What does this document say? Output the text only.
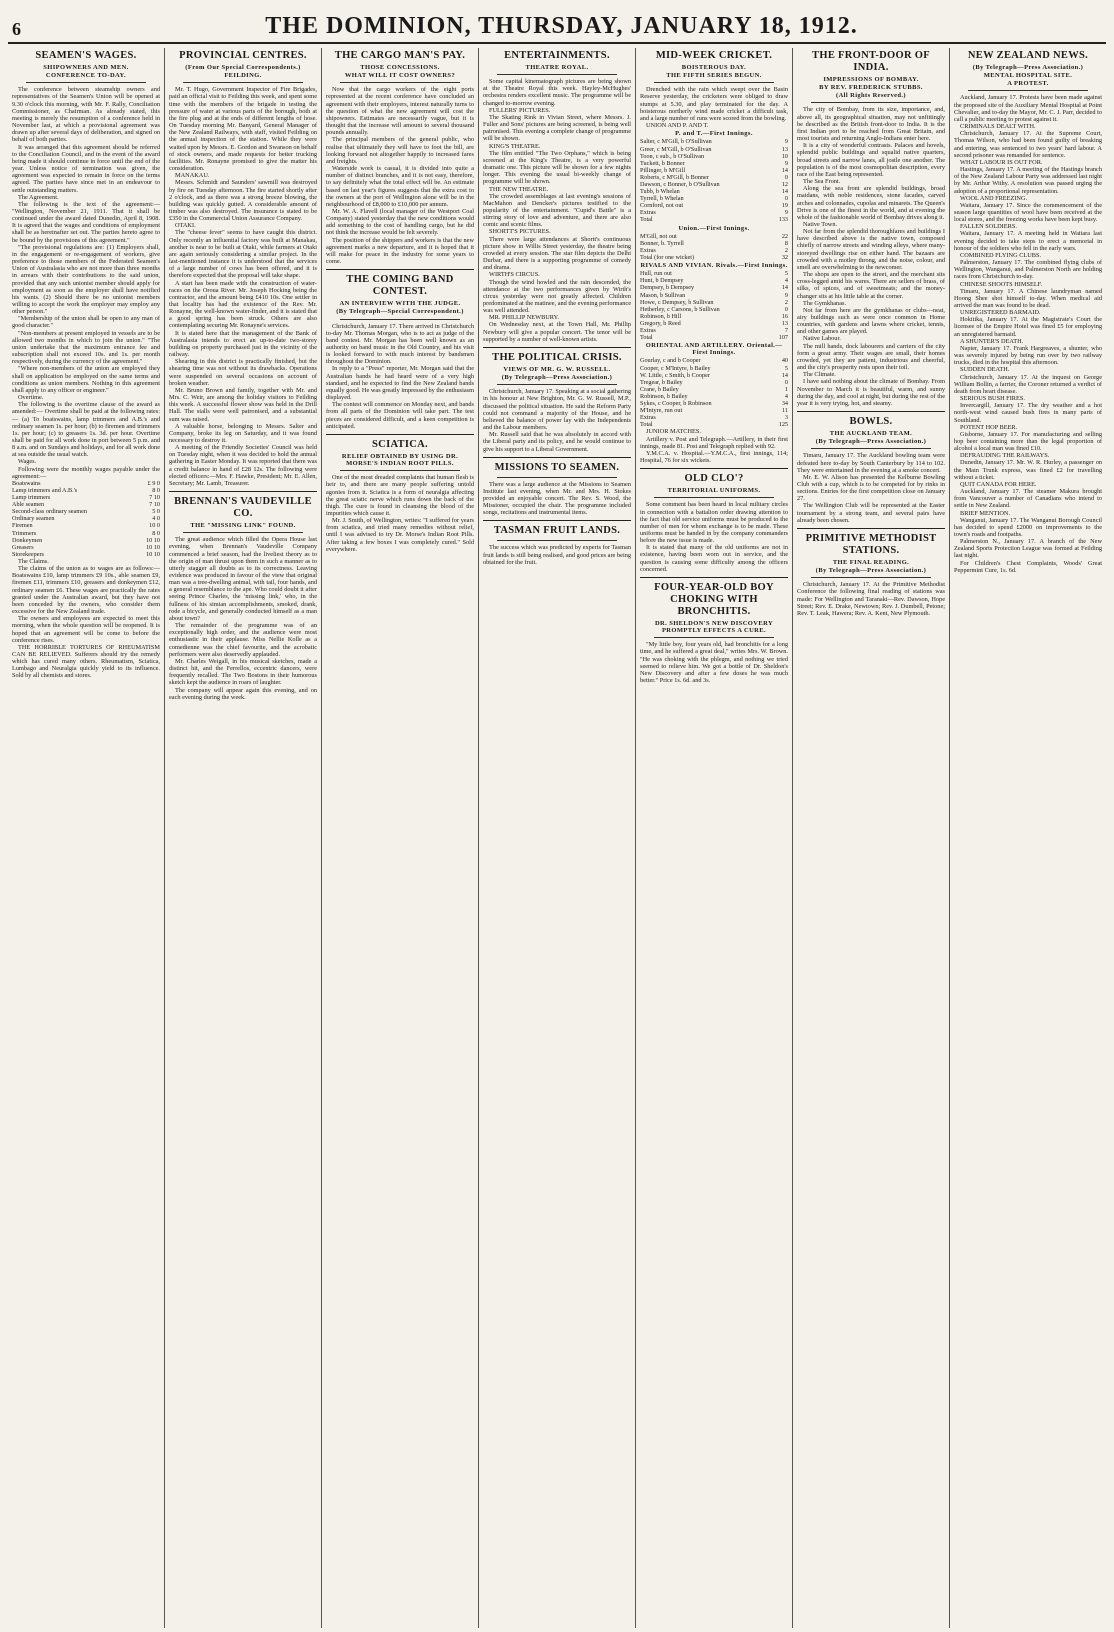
6	THE DOMINION, THURSDAY, JANUARY 18, 1912.
SEAMEN'S WAGES.
SHIPOWNERS AND MEN.
CONFERENCE TO-DAY.

The conference between steamship owners and representatives of the Seamen's Union will be opened at 9.30 o'clock this morning, with Mr. F. Rally, Conciliation Commissioner, as Chairman. As already stated, this meeting is merely the resumption of a conference held in November last, at which a provisional agreement was drawn up after several days of deliberation, and signed on behalf of both parties.

It was arranged that this agreement should be referred to the Conciliation Council, and in the event of the award being made it should continue in force until the end of the year. Unless notice of termination was given, the agreement was expected to remain in force on the terms agreed. The parties have since met in an endeavour to settle outstanding matters.

The Agreement.

The following is the text of the agreement:— "Wellington, November 21, 1911. That it shall be continued under the award dated Dunedin, April 8, 1908. It is agreed that the wages and conditions of employment shall be as hereinafter set out. The parties hereto agree to be bound by the provisions of this agreement."

"The provisional regulations are: (1) Employers shall, in the engagement or re-engagement of workers, give preference to those members of the Federated Seamen's Union of Australasia who are not more than three months in arrears with their contributions to the said union, provided that any such unionist member should apply for employment as soon as the employer shall have notified his wants. (2) Should there be no unionist members willing to accept the work the employer may employ any other person."

"Membership of the union shall be open to any man of good character."

"Non-members at present employed in vessels are to be allowed two months in which to join the union." "The union undertake that the maximum entrance fee and subscription shall not exceed 10s. and 1s. per month respectively, during the currency of the agreement."

"Where non-members of the union are employed they shall on application be employed on the same terms and conditions as union members. Nothing in this agreement shall apply to any officer or engineer."

Overtime.

The following is the overtime clause of the award as amended:— Overtime shall be paid at the following rates:— (a) To boatswains, lamp trimmers and A.B.'s and ordinary seamen 1s. per hour; (b) to firemen and trimmers 1s. per hour; (c) to greasers 1s. 3d. per hour. Overtime shall be paid for all work done in port between 5 p.m. and 8 a.m. and on Sundays and holidays, and for all work done at sea outside the usual watch.

Wages.

Following were the monthly wages payable under the agreement:—

Boatswains	£ 9 0
Lamp trimmers and A.B.'s	8 0
Lamp trimmers	7 10
Able seamen	7 10
Second-class ordinary seamen	5 0
Ordinary seamen	4 0
Firemen	10 0
Trimmers	8 0
Donkeymen	10 10
Greasers	10 10
Storekeepers	10 10

The Claims.

The claims of the union as to wages are as follows:— Boatswains £10, lamp trimmers £9 10s., able seamen £9, firemen £11, trimmers £10, greasers and donkeymen £12, ordinary seamen £6. These wages are practically the rates granted under the Australian award, but they have not been conceded by the owners, who consider them excessive for the New Zealand trade.

The owners and employees are expected to meet this morning, when the whole question will be reopened. It is hoped that an agreement will be come to before the conference rises.

THE HORRIBLE TORTURES OF RHEUMATISM CAN BE RELIEVED. Sufferers should try the remedy which has cured many others. Rheumatism, Sciatica, Lumbago and Neuralgia quickly yield to its influence. Sold by all chemists and stores.

PROVINCIAL CENTRES.
(From Our Special Correspondents.)
FEILDING.

Mr. T. Hugo, Government Inspector of Fire Brigades, paid an official visit to Feilding this week, and spent some time with the members of the brigade in testing the pressure of water at various parts of the borough, both at the fire plug and at the ends of different lengths of hose. On Tuesday morning Mr. Banyard, General Manager of the New Zealand Railways, with staff, visited Feilding on the annual inspection of the station. While they were waited upon by Messrs. E. Gordon and Swanson on behalf of stock owners, and made requests for better trucking facilities. Mr. Ronayne promised to give the matter his consideration.

MANAKAU.

Messrs. Schmidt and Saunders' sawmill was destroyed by fire on Tuesday afternoon. The fire started shortly after 2 o'clock, and as there was a strong breeze blowing, the building was quickly gutted. A considerable amount of timber was also destroyed. The insurance is stated to be £350 in the Commercial Union Assurance Company.

OTAKI.

The "cheese fever" seems to have caught this district. Only recently an influential factory was built at Manakau, another is near to be built at Otaki, while farmers at Otaki are again seriously considering a similar project. In the last-mentioned instance it is understood that the services of a large number of cows has been offered, and it is therefore expected that the proposal will take shape.

A start has been made with the construction of water-races on the Oroua River. Mr. Joseph Hocking being the contractor, and the amount being £410 10s. One settler in that locality has had the existence of the Rev. Mr. Ronayne, the well-known water-finder, and it is stated that a good spring has been struck. Others are also contemplating securing Mr. Ronayne's services.

It is stated here that the management of the Bank of Australasia intends to erect an up-to-date two-storey building on property purchased just in the vicinity of the railway.

Shearing in this district is practically finished, but the shearing time was not without its drawbacks. Operations were suspended on several occasions on account of broken weather.

Mr. Bruno Brown and family, together with Mr. and Mrs. C. Weir, are among the holiday visitors to Feilding this week. A successful flower show was held in the Drill Hall. The stalls were well patronised, and a substantial sum was raised.

A valuable horse, belonging to Messrs. Salter and Company, broke its leg on Saturday, and it was found necessary to destroy it.

A meeting of the Friendly Societies' Council was held on Tuesday night, when it was decided to hold the annual gathering in Easter Monday. It was reported that there was a credit balance in hand of £28 12s. The following were elected officers:—Mrs. F. Hawke, President; Mr. E. Allen, Secretary; Mr. Lamb, Treasurer.

BRENNAN'S VAUDEVILLE CO.
THE "MISSING LINK" FOUND.

The great audience which filled the Opera House last evening, when Brennan's Vaudeville Company commenced a brief season, had the liveliest theory as to the origin of man thrust upon them in such a manner as to utterly stagger all doubts as to its correctness. Leaving evidence was produced in favour of the view that original man was a tree-dwelling animal, with tail, four hands, and a general resemblance to the ape. Who could doubt it after seeing Prince Charles, the 'missing link,' who, in the fullness of his simian accomplishments, smoked, drank, rode a bicycle, and generally conducted himself as a man about town?

The remainder of the programme was of an exceptionally high order, and the audience were most enthusiastic in their applause. Miss Nellie Kolle as a comedienne was the chief favourite, and the acrobatic performers were also deservedly applauded.

Mr. Charles Weigall, in his musical sketches, made a distinct hit, and the Ferrellos, eccentric dancers, were frequently recalled. The Two Bostons in their humorous sketch kept the audience in roars of laughter.

The company will appear again this evening, and on each evening during the week.

THE CARGO MAN'S PAY.
THOSE CONCESSIONS.
WHAT WILL IT COST OWNERS?

Now that the cargo workers of the eight ports represented at the recent conference have concluded an agreement with their employers, interest naturally turns to the question of what the new agreement will cost the shipowners. Estimates are necessarily vague, but it is thought that the increase will amount to several thousand pounds annually.

The principal members of the general public, who realise that ultimately they will have to foot the bill, are looking forward not altogether happily to increased fares and freights.

Waterside work is casual, it is divided into quite a number of distinct branches, and it is not easy, therefore, to say definitely what the total effect will be. An estimate based on last year's figures suggests that the extra cost to the owners at the port of Wellington alone will be in the neighbourhood of £8,000 to £10,000 per annum.

Mr. W. A. Flavell (local manager of the Westport Coal Company) stated yesterday that the new conditions would add something to the cost of handling cargo, but he did not think the increase would be felt severely.

The position of the shippers and workers is that the new agreement marks a new departure, and it is hoped that it will make for peace in the industry for some years to come.

THE COMING BAND CONTEST.
AN INTERVIEW WITH THE JUDGE.
(By Telegraph—Special Correspondent.)

Christchurch, January 17. There arrived in Christchurch to-day Mr. Thomas Morgan, who is to act as judge of the band contest. Mr. Morgan has been well known as an authority on band music in the Old Country, and his visit is looked forward to with much interest by bandsmen throughout the Dominion.

In reply to a "Press" reporter, Mr. Morgan said that the Australian bands he had heard were of a very high standard, and he expected to find the New Zealand bands equally good. He was greatly impressed by the enthusiasm displayed.

The contest will commence on Monday next, and bands from all parts of the Dominion will take part. The test pieces are considered difficult, and a keen competition is anticipated.

SCIATICA.
RELIEF OBTAINED BY USING DR. MORSE'S INDIAN ROOT PILLS.

One of the most dreaded complaints that human flesh is heir to, and there are many people suffering untold agonies from it. Sciatica is a form of neuralgia affecting the great sciatic nerve which runs down the back of the thigh. The cure is found in cleansing the blood of the impurities which cause it.

Mr. J. Smith, of Wellington, writes: "I suffered for years from sciatica, and tried many remedies without relief, until I was advised to try Dr. Morse's Indian Root Pills. After taking a few boxes I was completely cured." Sold everywhere.

ENTERTAINMENTS.
THEATRE ROYAL.

Some capital kinematograph pictures are being shown at the Theatre Royal this week. Hayley-McHughes' orchestra renders excellent music. The programme will be changed to-morrow evening.

FULLERS' PICTURES.

The Skating Rink in Vivian Street, where Messrs. J. Fuller and Sons' pictures are being screened, is being well patronised. This evening a complete change of programme will be shown.

KING'S THEATRE.

The film entitled "The Two Orphans," which is being screened at the King's Theatre, is a very powerful dramatic one. This picture will be shown for a few nights longer. This evening the usual bi-weekly change of programme will be shown.

THE NEW THEATRE.

The crowded assemblages at last evening's sessions of MacMahon and Dencker's pictures testified to the popularity of the entertainment. "Cupid's Battle" is a stirring story of love and adventure, and there are also comic and scenic films.

SHORTT'S PICTURES.

There were large attendances at Shortt's continuous picture show in Willis Street yesterday, the theatre being crowded at every session. The star film depicts the Delhi Durbar, and there is a supporting programme of comedy and drama.

WIRTH'S CIRCUS.

Though the wind howled and the rain descended, the attendance at the two performances given by Wirth's circus yesterday were not greatly affected. Children predominated at the matinee, and the evening performance was well attended.

MR. PHILLIP NEWBURY.

On Wednesday next, at the Town Hall, Mr. Phillip Newbury will give a popular concert. The tenor will be supported by a number of well-known artists.

THE POLITICAL CRISIS.
VIEWS OF MR. G. W. RUSSELL.
(By Telegraph—Press Association.)

Christchurch, January 17. Speaking at a social gathering in his honour at New Brighton, Mr. G. W. Russell, M.P., discussed the political situation. He said the Reform Party could not command a majority of the House, and he believed the balance of power lay with the Independents and the Labour members.

Mr. Russell said that he was absolutely in accord with the Liberal party and its policy, and he would continue to give his support to a Liberal Government.

MISSIONS TO SEAMEN.

There was a large audience at the Missions to Seamen Institute last evening, when Mr. and Mrs. H. Stokes provided an enjoyable concert. The Rev. S. Wood, the Missioner, occupied the chair. The programme included songs, recitations and instrumental items.

TASMAN FRUIT LANDS.

The success which was predicted by experts for Tasman fruit lands is still being realised, and good prices are being obtained for the fruit.

MID-WEEK CRICKET.
BOISTEROUS DAY.
THE FIFTH SERIES BEGUN.

Drenched with the rain which swept over the Basin Reserve yesterday, the cricketers were obliged to draw stumps at 5.30, and play terminated for the day. A boisterous northerly wind made cricket a difficult task, and a large number of runs were scored from the bowling.

UNION AND P. AND T.

P. and T.—First Innings.
Salter, c M'Gill, b O'Sullivan	9
Greer, c M'Gill, b O'Sullivan	13
Toon, c sub., b O'Sullivan	10
Tuckett, b Bonner	9
Pillinger, b M'Gill	14
Roberts, c M'Gill, b Bonner	0
Dawson, c Bonner, b O'Sullivan	12
Tubb, b Whelan	14
Tyrrell, b Whelan	0
Cornford, not out	19
Extras	9
Total	133
Union.—First Innings.
M'Gill, not out	22
Bonner, b. Tyrrell	8
Extras	2
Total (for one wicket)	32
RIVALS AND VIVIAN. Rivals.—First Innings.
Hull, run out	5
Hunt, b Dempsey	4
Dempsey, b Dempsey	14
Mason, b Sullivan	9
Howe, c Dempsey, b Sullivan	2
Hetherley, c Carsons, b Sullivan	0
Robinson, b Hill	16
Gregory, b Reed	13
Extras	7
Total	107
ORIENTAL AND ARTILLERY. Oriental.—First Innings.
Gourlay, c and b Cooper	40
Cooper, c M'Intyre, b Bailey	5
W. Little, c Smith, b Cooper	14
Tregear, b Bailey	0
Crane, b Bailey	1
Robinson, b Bailey	4
Sykes, c Cooper, b Robinson	34
M'Intyre, run out	11
Extras	3
Total	125

JUNIOR MATCHES.

Artillery v. Post and Telegraph.—Artillery, in their first innings, made 81. Post and Telegraph replied with 92.

Y.M.C.A. v. Hospital.—Y.M.C.A., first innings, 114; Hospital, 76 for six wickets.

OLD CLO'?
TERRITORIAL UNIFORMS.

Some comment has been heard in local military circles in connection with a battalion order drawing attention to the fact that old service uniforms must be produced to the number of men for whom exchange is to be made. These uniforms must be handed in by the company commanders before the new issue is made.

It is stated that many of the old uniforms are not in existence, having been worn out in service, and the question is causing some difficulty among the officers concerned.

FOUR-YEAR-OLD BOY CHOKING WITH BRONCHITIS.
DR. SHELDON'S NEW DISCOVERY PROMPTLY EFFECTS A CURE.

"My little boy, four years old, had bronchitis for a long time, and he suffered a great deal," writes Mrs. W. Brown. "He was choking with the phlegm, and nothing we tried seemed to relieve him. We got a bottle of Dr. Sheldon's New Discovery and after a few doses he was much better." Price 1s. 6d. and 3s.

THE FRONT-DOOR OF INDIA.
IMPRESSIONS OF BOMBAY.
BY REV. FREDERICK STUBBS.
(All Rights Reserved.)

The city of Bombay, from its size, importance, and, above all, its geographical situation, may not unfittingly be described as the British front-door to India. It is the first Indian port to be reached from Great Britain, and most tourists and returning Anglo-Indians enter here.

It is a city of wonderful contrasts. Palaces and hovels, splendid public buildings and squalid native quarters, broad streets and narrow lanes, all jostle one another. The population is of the most cosmopolitan description, every race of the East being represented.

The Sea Front.

Along the sea front are splendid buildings, broad maidans, with noble residences, stone facades, carved arches and colonnades, cupolas and minarets. The Queen's Drive is one of the finest in the world, and at evening the whole of the fashionable world of Bombay drives along it.

Native Town.

Not far from the splendid thoroughfares and buildings I have described above is the native town, composed chiefly of narrow streets and winding alleys, where many-storeyed dwellings rise on either hand. The bazaars are crowded with a motley throng, and the noise, colour, and smell are overwhelming to the newcomer.

The shops are open to the street, and the merchant sits cross-legged amid his wares. There are sellers of brass, of silks, of spices, and of sweetmeats; and the money-changer sits at his little table at the corner.

The Gymkhanas.

Not far from here are the gymkhanas or clubs—neat, airy buildings such as were once common in Home countries, with gardens and lawns where cricket, tennis, and other games are played.

Native Labour.

The mill hands, dock labourers and carriers of the city form a great army. Their wages are small, their homes crowded, yet they are patient, industrious and cheerful, and the city's prosperity rests upon their toil.

The Climate.

I have said nothing about the climate of Bombay. From November to March it is beautiful, warm, and sunny during the day, and cool at night, but during the rest of the year it is very trying, hot, and steamy.

BOWLS.
THE AUCKLAND TEAM.
(By Telegraph—Press Association.)

Timaru, January 17. The Auckland bowling team were defeated here to-day by South Canterbury by 114 to 102. They were entertained in the evening at a smoke concert.

Mr. E. W. Alison has presented the Kelburne Bowling Club with a cup, which is to be competed for by rinks in sections. Entries for the first competition close on January 27.

The Wellington Club will be represented at the Easter tournament by a strong team, and several pairs have already been chosen.

PRIMITIVE METHODIST STATIONS.
THE FINAL READING.
(By Telegraph—Press Association.)

Christchurch, January 17. At the Primitive Methodist Conference the following final reading of stations was made: For Wellington and Taranaki—Rev. Dawson, Hope Street; Rev. E. Drake, Newtown; Rev. J. Dumbell, Petone; Rev. T. Leak, Hawera; Rev. A. Kent, New Plymouth.

NEW ZEALAND NEWS.
(By Telegraph—Press Association.)
MENTAL HOSPITAL SITE.
A PROTEST.

Auckland, January 17. Protests have been made against the proposed site of the Auxiliary Mental Hospital at Point Chevalier, and to-day the Mayor, Mr. C. J. Parr, decided to call a public meeting to protest against it.

CRIMINALS DEALT WITH.

Christchurch, January 17. At the Supreme Court, Thomas Wilson, who had been found guilty of breaking and entering, was sentenced to two years' hard labour. A second prisoner was remanded for sentence.

WHAT LABOUR IS OUT FOR.

Hastings, January 17. A meeting of the Hastings branch of the New Zealand Labour Party was addressed last night by Mr. Arthur Withy. A resolution was passed urging the adoption of a proportional representation.

WOOL AND FREEZING.

Waitara, January 17. Since the commencement of the season large quantities of wool have been received at the local stores, and the freezing works have been kept busy.

FALLEN SOLDIERS.

Waitara, January 17. A meeting held in Waitara last evening decided to take steps to erect a memorial in honour of the soldiers who fell in the early wars.

COMBINED FLYING CLUBS.

Palmerston, January 17. The combined flying clubs of Wellington, Wanganui, and Palmerston North are holding races from Christchurch to-day.

CHINESE SHOOTS HIMSELF.

Timaru, January 17. A Chinese laundryman named Hoong Shee shot himself to-day. When medical aid arrived the man was found to be dead.

UNREGISTERED BARMAID.

Hokitika, January 17. At the Magistrate's Court the licensee of the Empire Hotel was fined £5 for employing an unregistered barmaid.

A SHUNTER'S DEATH.

Napier, January 17. Frank Hargreaves, a shunter, who was severely injured by being run over by two railway trucks, died in the hospital this afternoon.

SUDDEN DEATH.

Christchurch, January 17. At the inquest on George William Bollin, a farrier, the Coroner returned a verdict of death from heart disease.

SERIOUS BUSH FIRES.

Invercargill, January 17. The dry weather and a hot north-west wind caused bush fires in many parts of Southland.

POTENT HOP BEER.

Gisborne, January 17. For manufacturing and selling hop beer containing more than the legal proportion of alcohol a local man was fined £10.

DEFRAUDING THE RAILWAYS.

Dunedin, January 17. Mr. W. R. Hurley, a passenger on the Main Trunk express, was fined £2 for travelling without a ticket.

QUIT CANADA FOR HERE.

Auckland, January 17. The steamer Makura brought from Vancouver a number of Canadians who intend to settle in New Zealand.

BRIEF MENTION.

Wanganui, January 17. The Wanganui Borough Council has decided to spend £2000 on improvements to the town's roads and footpaths.

Palmerston N., January 17. A branch of the New Zealand Sports Protection League was formed at Feilding last night.

For Children's Chest Complaints, Woods' Great Peppermint Cure, 1s. 6d.
